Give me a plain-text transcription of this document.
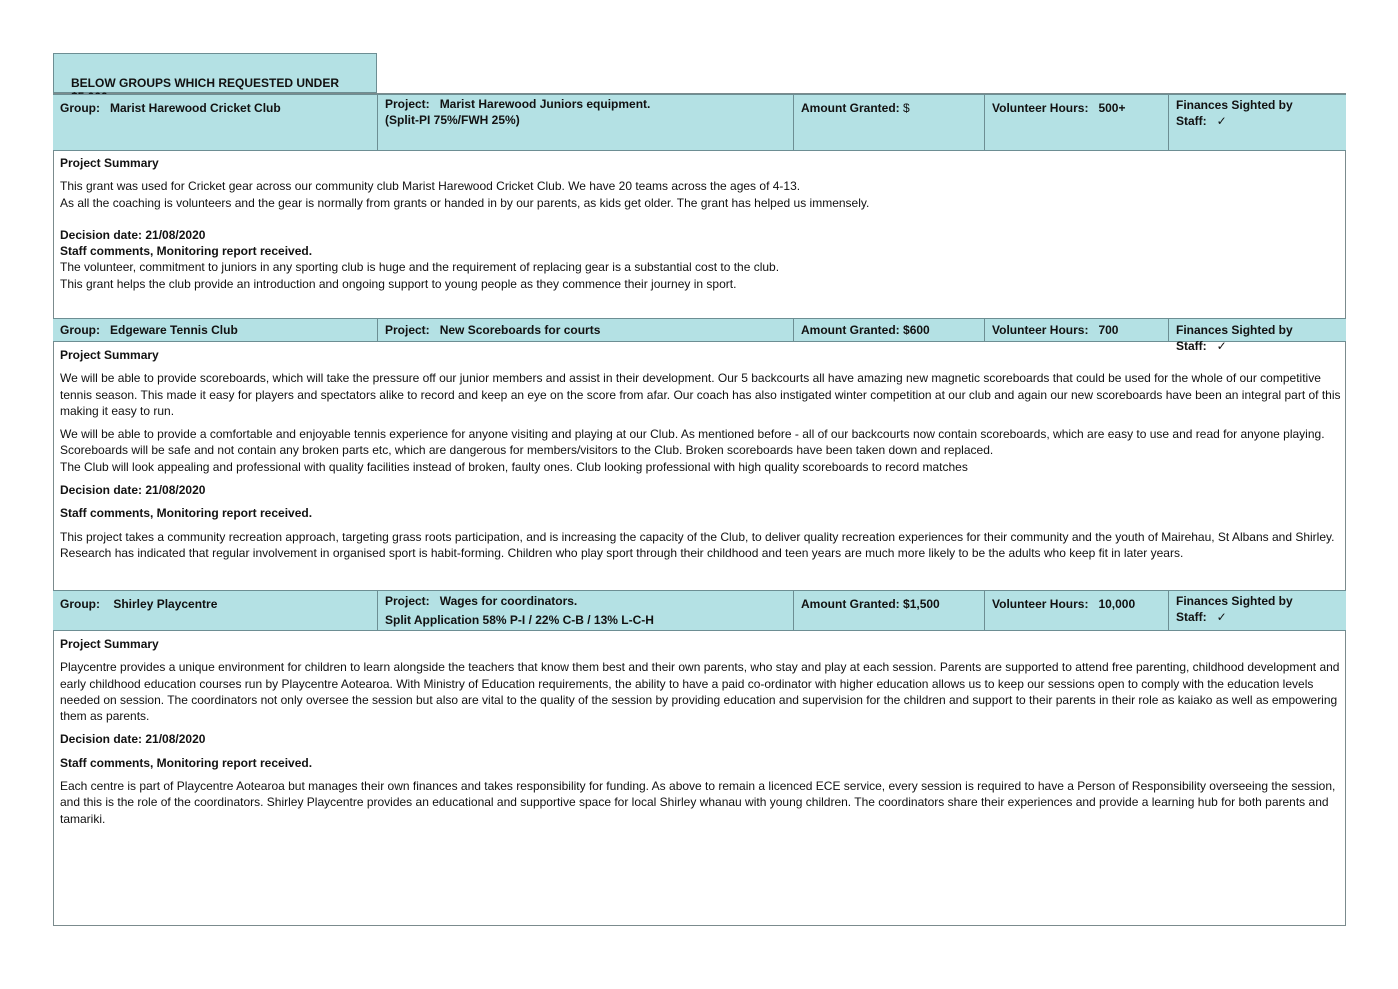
BELOW GROUPS WHICH REQUESTED UNDER
Group: Marist Harewood Cricket Club	Project: Marist Harewood Juniors equipment.
(Split-PI 75%/FWH 25%)
Amount Granted: $	Volunteer Hours: 500+	Finances Sighted by Staff: ✓

Project Summary

This grant was used for Cricket gear across our community club Marist Harewood Cricket Club. We have 20 teams across the ages of 4-13.

As all the coaching is volunteers and the gear is normally from grants or handed in by our parents, as kids get older. The grant has helped us immensely.

Decision date: 21/08/2020

Staff comments, Monitoring report received.

The volunteer, commitment to juniors in any sporting club is huge and the requirement of replacing gear is a substantial cost to the club.

This grant helps the club provide an introduction and ongoing support to young people as they commence their journey in sport.

Group: Edgeware Tennis Club	Project: New Scoreboards for courts	Amount Granted: $600	Volunteer Hours: 700	Finances Sighted by Staff: ✓

Project Summary

We will be able to provide scoreboards, which will take the pressure off our junior members and assist in their development. Our 5 backcourts all have amazing new magnetic scoreboards that could be used for the whole of our competitive tennis season. This made it easy for players and spectators alike to record and keep an eye on the score from afar. Our coach has also instigated winter competition at our club and again our new scoreboards have been an integral part of this making it easy to run.

We will be able to provide a comfortable and enjoyable tennis experience for anyone visiting and playing at our Club. As mentioned before - all of our backcourts now contain scoreboards, which are easy to use and read for anyone playing. Scoreboards will be safe and not contain any broken parts etc, which are dangerous for members/visitors to the Club. Broken scoreboards have been taken down and replaced.

The Club will look appealing and professional with quality facilities instead of broken, faulty ones. Club looking professional with high quality scoreboards to record matches

Decision date: 21/08/2020

Staff comments, Monitoring report received.

This project takes a community recreation approach, targeting grass roots participation, and is increasing the capacity of the Club, to deliver quality recreation experiences for their community and the youth of Mairehau, St Albans and Shirley. Research has indicated that regular involvement in organised sport is habit-forming. Children who play sport through their childhood and teen years are much more likely to be the adults who keep fit in later years.

Group: Shirley Playcentre	Project: Wages for coordinators.
Split Application 58% P-I / 22% C-B / 13% L-C-H
Amount Granted: $1,500	Volunteer Hours: 10,000	Finances Sighted by Staff: ✓

Project Summary

Playcentre provides a unique environment for children to learn alongside the teachers that know them best and their own parents, who stay and play at each session. Parents are supported to attend free parenting, childhood development and early childhood education courses run by Playcentre Aotearoa. With Ministry of Education requirements, the ability to have a paid co-ordinator with higher education allows us to keep our sessions open to comply with the education levels needed on session. The coordinators not only oversee the session but also are vital to the quality of the session by providing education and supervision for the children and support to their parents in their role as kaiako as well as empowering them as parents.

Decision date: 21/08/2020

Staff comments, Monitoring report received.

Each centre is part of Playcentre Aotearoa but manages their own finances and takes responsibility for funding. As above to remain a licenced ECE service, every session is required to have a Person of Responsibility overseeing the session, and this is the role of the coordinators. Shirley Playcentre provides an educational and supportive space for local Shirley whanau with young children. The coordinators share their experiences and provide a learning hub for both parents and tamariki.
